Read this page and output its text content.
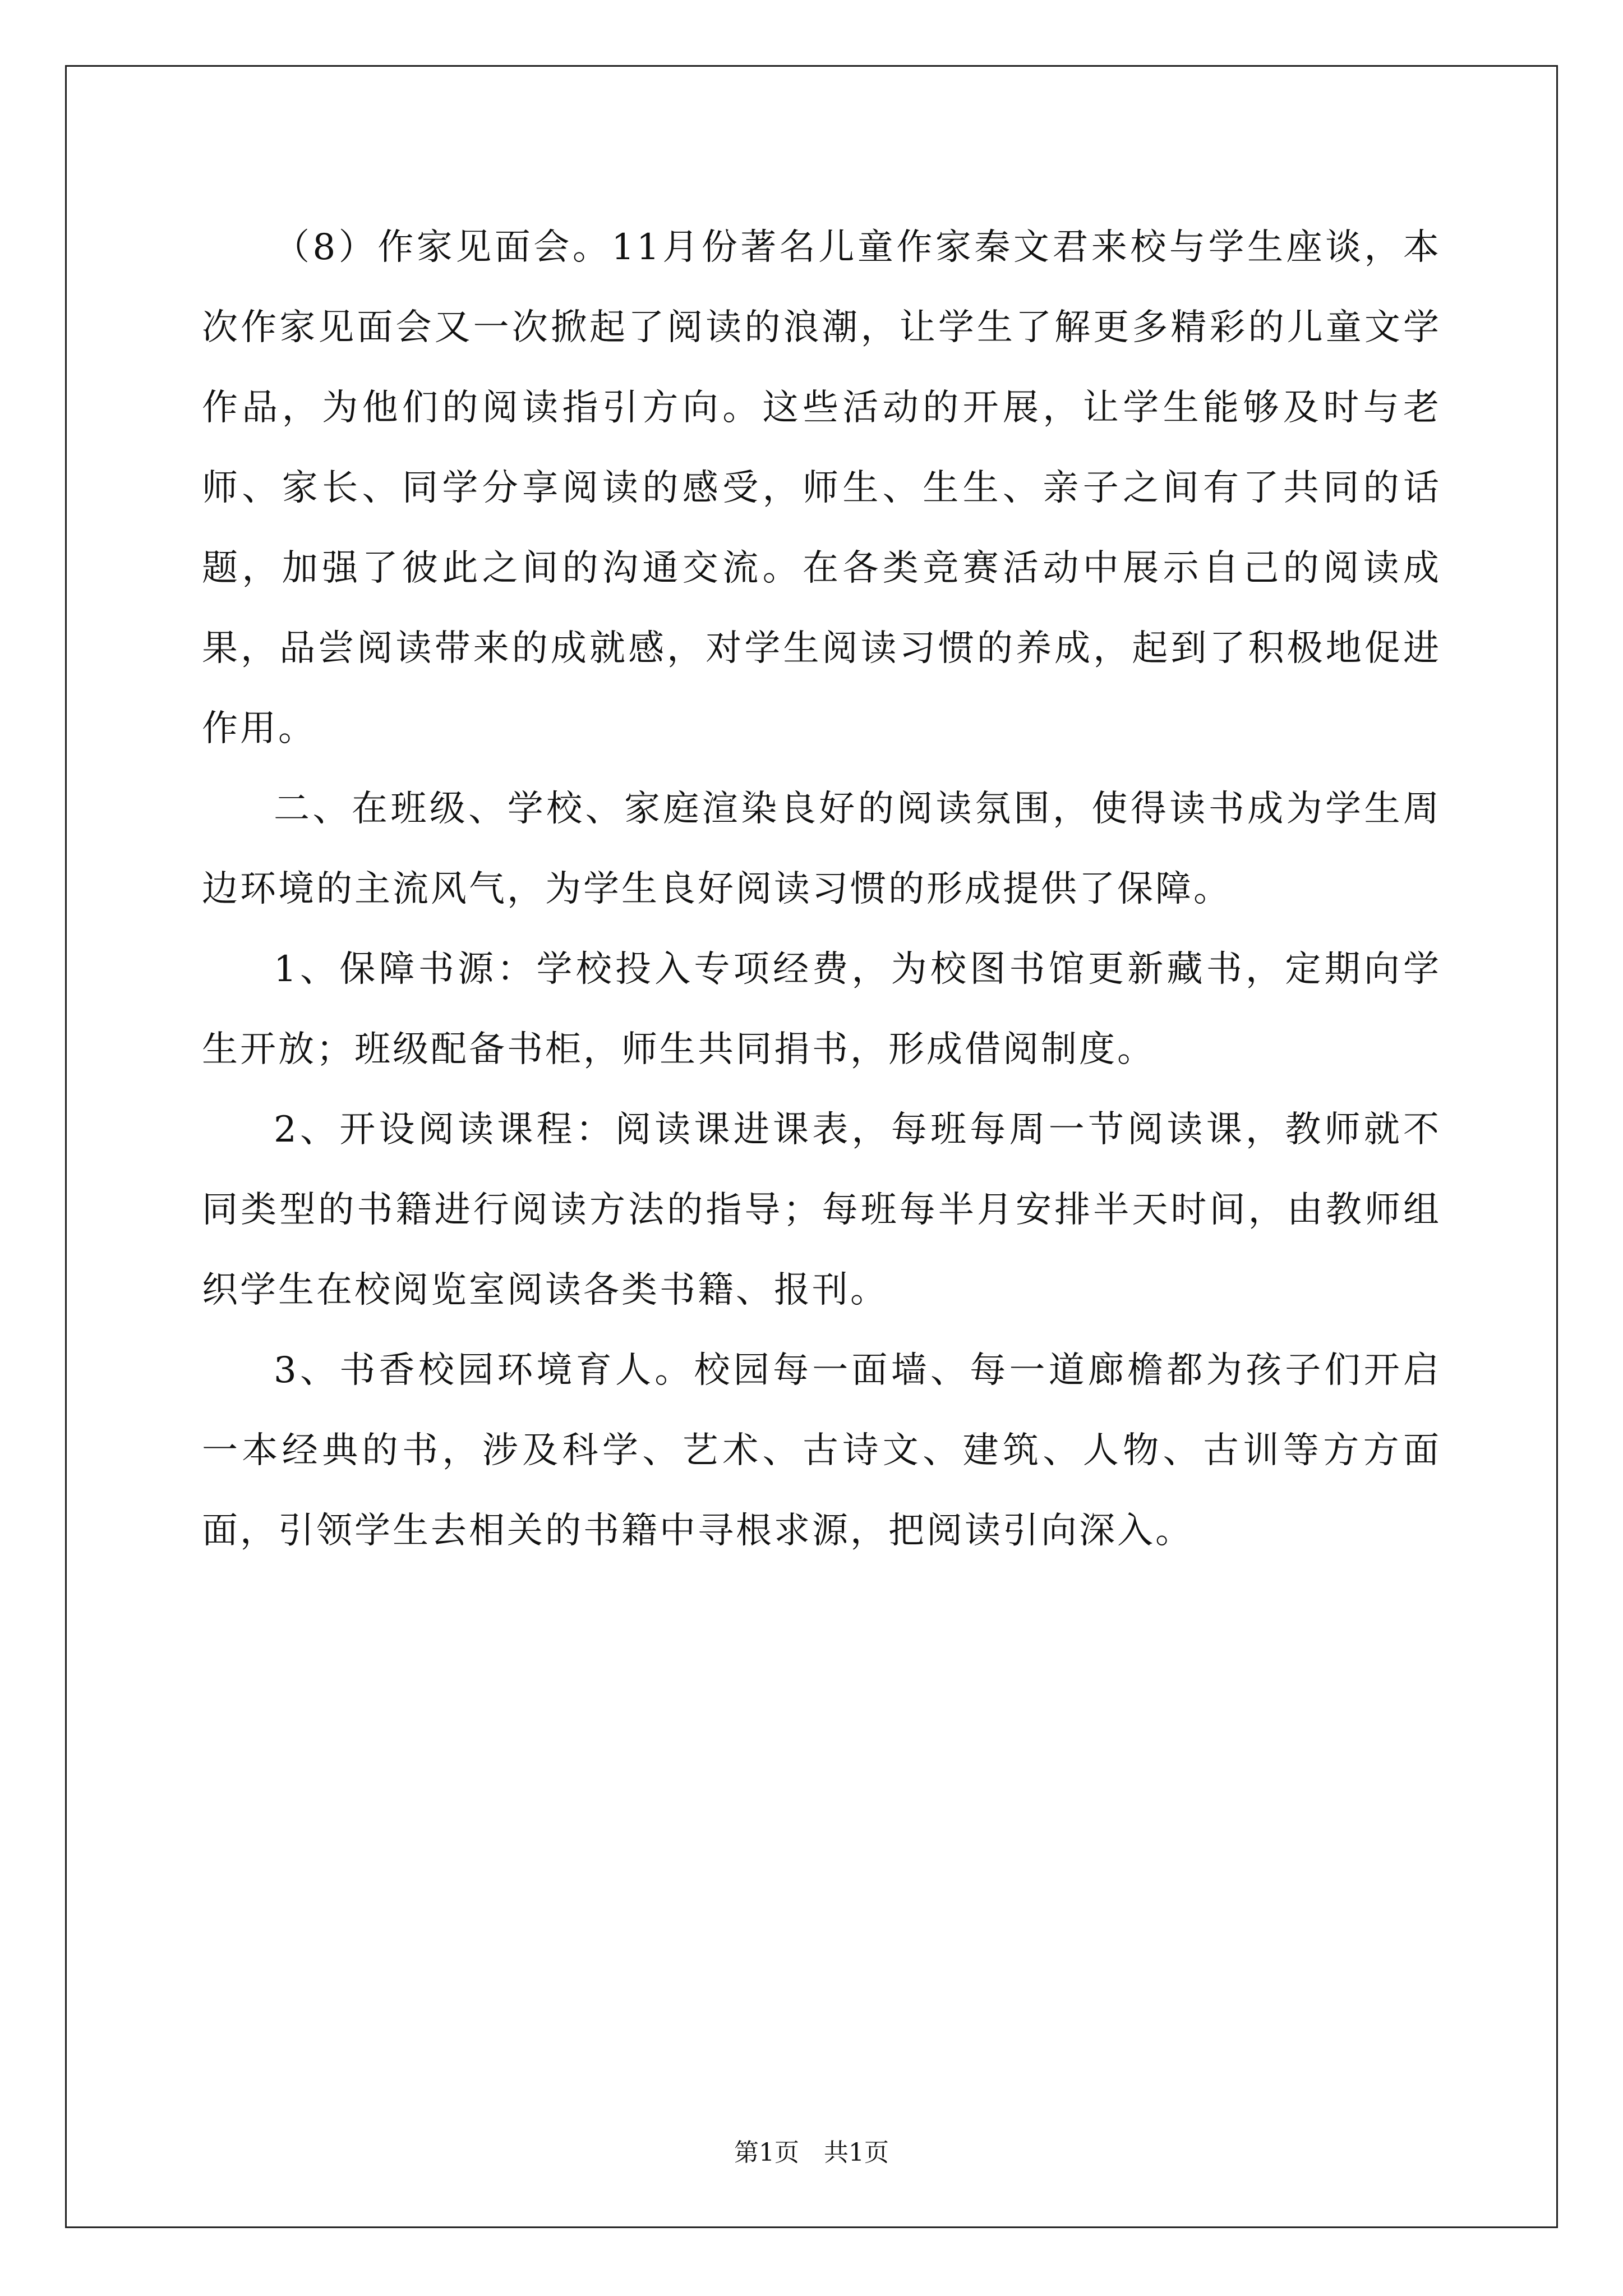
（8）作家见面会。11月份著名儿童作家秦文君来校与学生座谈，本次作家见面会又一次掀起了阅读的浪潮，让学生了解更多精彩的儿童文学作品，为他们的阅读指引方向。这些活动的开展，让学生能够及时与老师、家长、同学分享阅读的感受，师生、生生、亲子之间有了共同的话题，加强了彼此之间的沟通交流。在各类竞赛活动中展示自己的阅读成果，品尝阅读带来的成就感，对学生阅读习惯的养成，起到了积极地促进作用。

二、在班级、学校、家庭渲染良好的阅读氛围，使得读书成为学生周边环境的主流风气，为学生良好阅读习惯的形成提供了保障。

1、保障书源：学校投入专项经费，为校图书馆更新藏书，定期向学生开放；班级配备书柜，师生共同捐书，形成借阅制度。

2、开设阅读课程：阅读课进课表，每班每周一节阅读课，教师就不同类型的书籍进行阅读方法的指导；每班每半月安排半天时间，由教师组织学生在校阅览室阅读各类书籍、报刊。

3、书香校园环境育人。校园每一面墙、每一道廊檐都为孩子们开启一本经典的书，涉及科学、艺术、古诗文、建筑、人物、古训等方方面面，引领学生去相关的书籍中寻根求源，把阅读引向深入。

第1页 共1页
